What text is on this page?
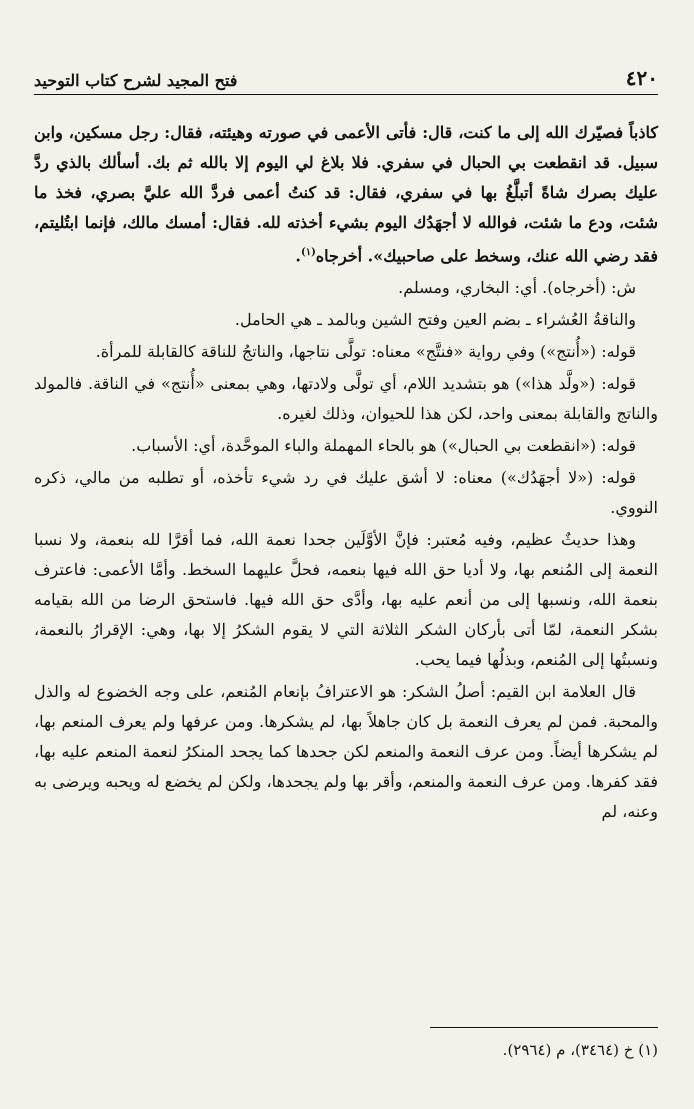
٤٢٠
فتح المجيد لشرح كتاب التوحيد

كاذباً فصيّرك الله إلى ما كنت، قال: فأتى الأعمى في صورته وهيئته، فقال: رجل مسكين، وابن سبيل. قد انقطعت بي الحبال في سفري. فلا بلاغ لي اليوم إلا بالله ثم بك. أسألك بالذي ردَّ عليك بصرك شاةً أتبلَّغُ بها في سفري، فقال: قد كنتُ أعمى فردَّ الله عليَّ بصري، فخذ ما شئت، ودع ما شئت، فوالله لا أجهَدُك اليوم بشيء أخذته لله. فقال: أمسك مالك، فإنما ابتُليتم، فقد رضي الله عنك، وسخط على صاحبيك». أخرجاه$^{(١)}$.

ش: (أخرجاه). أي: البخاري، ومسلم.

والناقةُ العُشراء ـ بضم العين وفتح الشين وبالمد ـ هي الحامل.

قوله: («أُنتج») وفي رواية «فنتَّج» معناه: تولَّى نتاجها، والناتجُ للناقة كالقابلة للمرأة.

قوله: («ولَّد هذا») هو بتشديد اللام، أي تولَّى ولادتها، وهي بمعنى «أُنتج» في الناقة. فالمولد والناتج والقابلة بمعنى واحد، لكن هذا للحيوان، وذلك لغيره.

قوله: («انقطعت بي الحبال») هو بالحاء المهملة والباء الموحَّدة، أي: الأسباب.

قوله: («لا أجهَدُك») معناه: لا أشق عليك في رد شيء تأخذه، أو تطلبه من مالي، ذكره النووي.

وهذا حديثٌ عظيم، وفيه مُعتبر: فإنَّ الأوَّلَين جحدا نعمة الله، فما أقرَّا لله بنعمة، ولا نسبا النعمة إلى المُنعم بها، ولا أديا حق الله فيها بنعمه، فحلَّ عليهما السخط. وأمَّا الأعمى: فاعترف بنعمة الله، ونسبها إلى من أنعم عليه بها، وأدَّى حق الله فيها. فاستحق الرضا من الله بقيامه بشكر النعمة، لمّا أتى بأركان الشكر الثلاثة التي لا يقوم الشكرُ إلا بها، وهي: الإقرارُ بالنعمة، ونسبتُها إلى المُنعم، وبذلُها فيما يحب.

قال العلامة ابن القيم: أصلُ الشكر: هو الاعترافُ بإنعام المُنعم، على وجه الخضوع له والذل والمحبة. فمن لم يعرف النعمة بل كان جاهلاً بها، لم يشكرها. ومن عرفها ولم يعرف المنعم بها، لم يشكرها أيضاً. ومن عرف النعمة والمنعم لكن جحدها كما يجحد المنكرُ لنعمة المنعم عليه بها، فقد كفرها. ومن عرف النعمة والمنعم، وأقر بها ولم يجحدها، ولكن لم يخضع له ويحبه ويرضى به وعنه، لم

(١) خ (٣٤٦٤)، م (٢٩٦٤).
